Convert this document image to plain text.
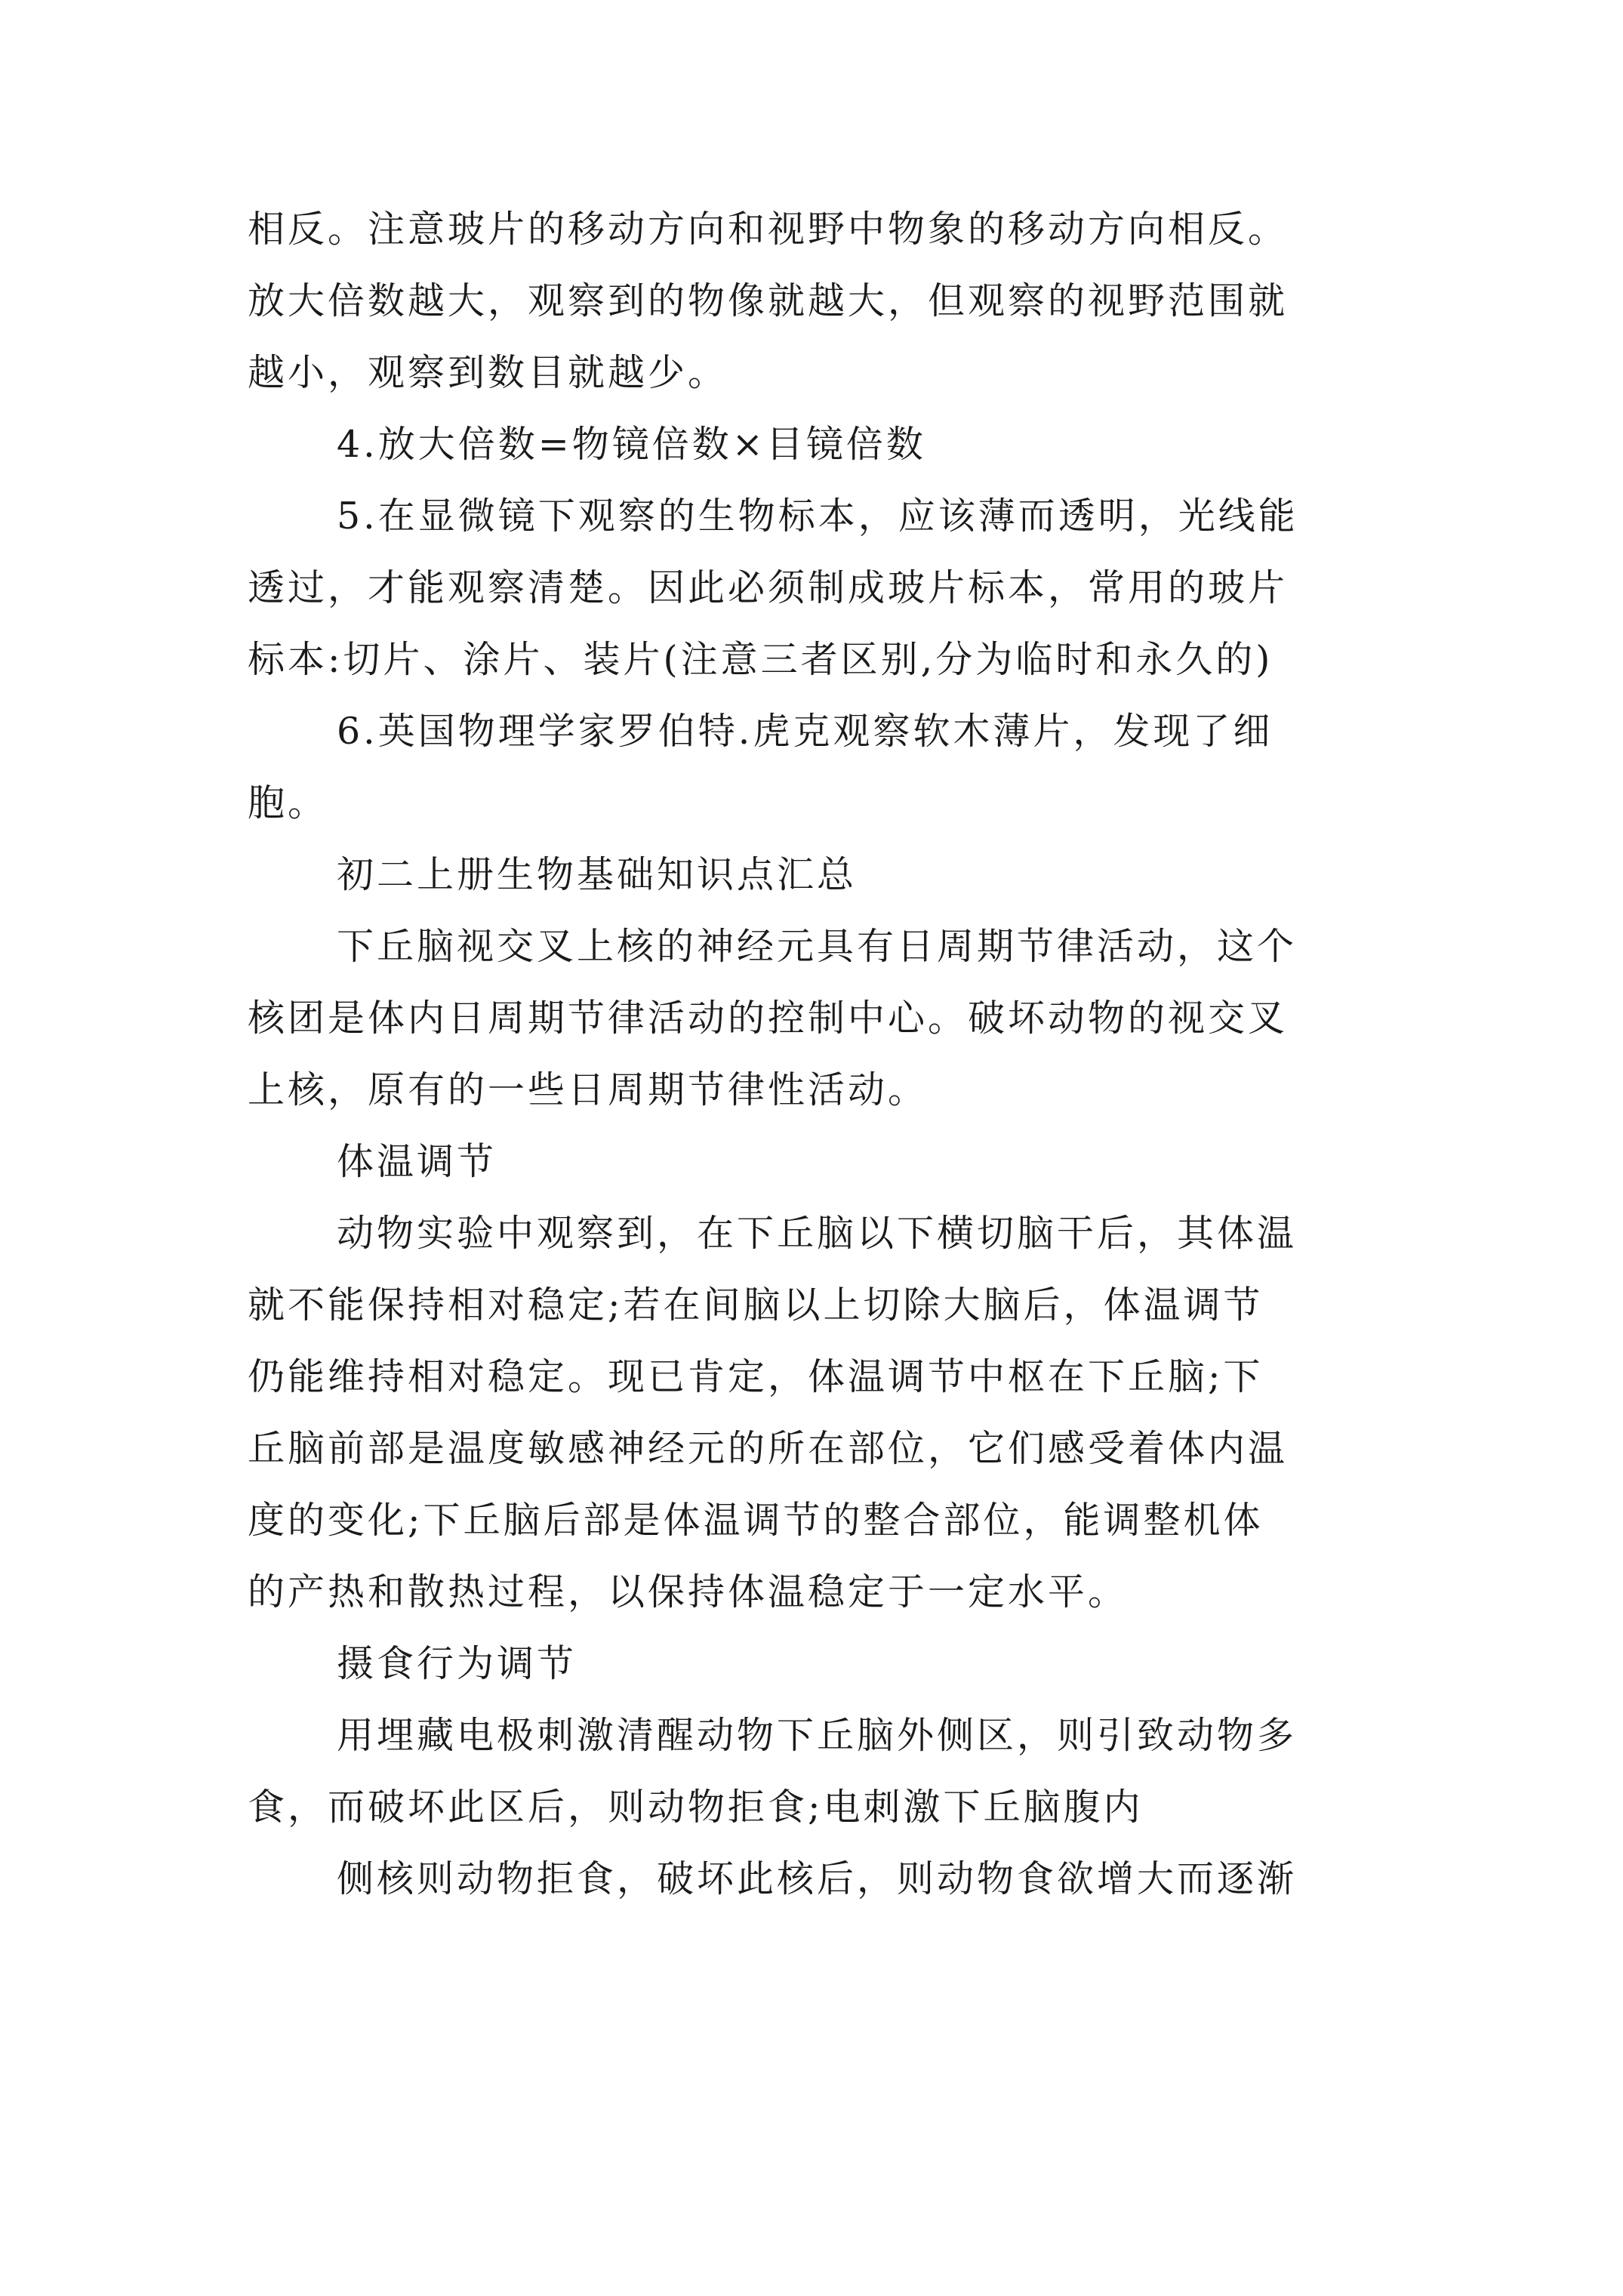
相反。注意玻片的移动方向和视野中物象的移动方向相反。
放大倍数越大，观察到的物像就越大，但观察的视野范围就
越小，观察到数目就越少。
4.放大倍数=物镜倍数×目镜倍数
5.在显微镜下观察的生物标本，应该薄而透明，光线能
透过，才能观察清楚。因此必须制成玻片标本，常用的玻片
标本:切片、涂片、装片(注意三者区别,分为临时和永久的)
6.英国物理学家罗伯特.虎克观察软木薄片，发现了细
胞。
初二上册生物基础知识点汇总
下丘脑视交叉上核的神经元具有日周期节律活动，这个
核团是体内日周期节律活动的控制中心。破坏动物的视交叉
上核，原有的一些日周期节律性活动。
体温调节
动物实验中观察到，在下丘脑以下横切脑干后，其体温
就不能保持相对稳定;若在间脑以上切除大脑后，体温调节
仍能维持相对稳定。现已肯定，体温调节中枢在下丘脑;下
丘脑前部是温度敏感神经元的所在部位，它们感受着体内温
度的变化;下丘脑后部是体温调节的整合部位，能调整机体
的产热和散热过程，以保持体温稳定于一定水平。
摄食行为调节
用埋藏电极刺激清醒动物下丘脑外侧区，则引致动物多
食，而破坏此区后，则动物拒食;电刺激下丘脑腹内
侧核则动物拒食，破坏此核后，则动物食欲增大而逐渐
